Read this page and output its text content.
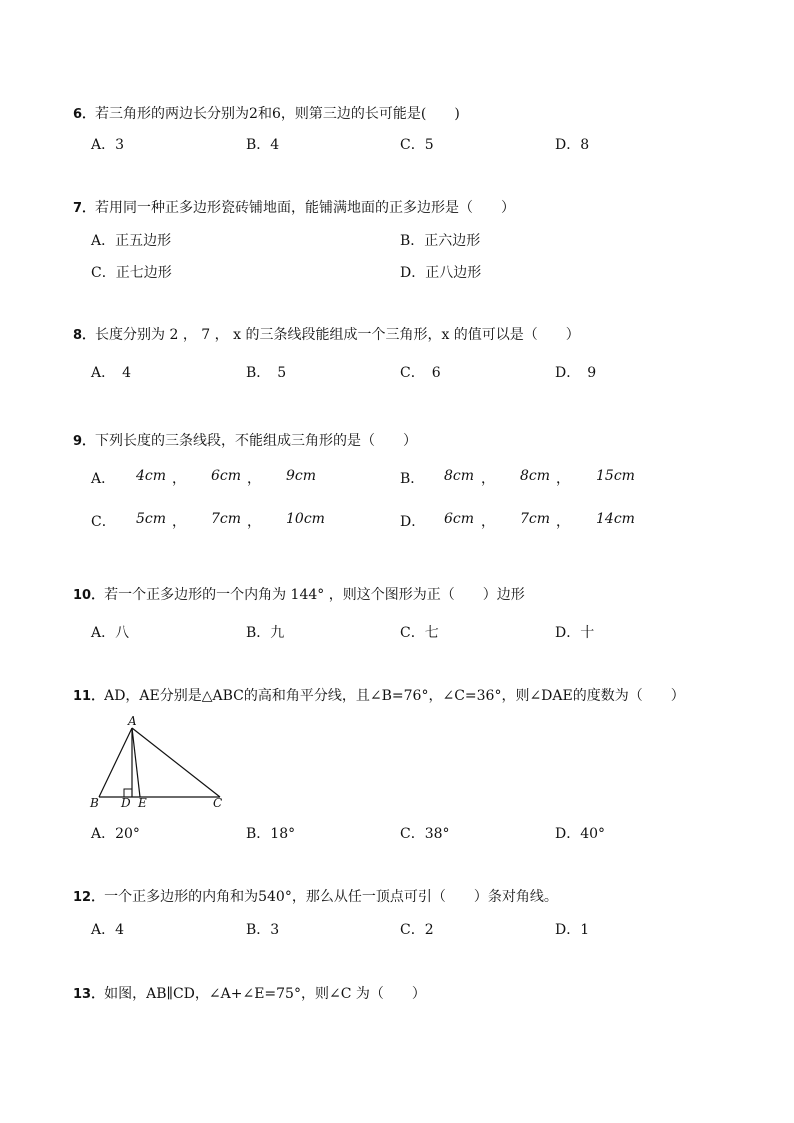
6．若三角形的两边长分别为2和6，则第三边的长可能是(　　)
A．3	B．4	C．5	D．8
7．若用同一种正多边形瓷砖铺地面，能铺满地面的正多边形是（　　）
A．正五边形	B．正六边形
C．正七边形	D．正八边形
8．长度分别为 2 ， 7 ， x 的三条线段能组成一个三角形，x 的值可以是（　　）
A．　4	B．　5	C．　6	D．　9
9．下列长度的三条线段，不能组成三角形的是（　　）
A． 4cm ， 6cm ， 9cm	B． 8cm ， 8cm ， 15cm
C． 5cm ， 7cm ， 10cm	D． 6cm ， 7cm ， 14cm
10．若一个正多边形的一个内角为 144° ，则这个图形为正（　　）边形
A．八	B．九	C．七	D．十
11．AD，AE分别是△ABC的高和角平分线，且∠B=76°，∠C=36°，则∠DAE的度数为（　　）
A
B D E	C
A．20°	B．18°	C．38°	D．40°
12．一个正多边形的内角和为540°，那么从任一顶点可引（　　）条对角线。
A．4	B．3	C．2	D．1
13．如图，AB∥CD，∠A+∠E=75°，则∠C 为（　　）
